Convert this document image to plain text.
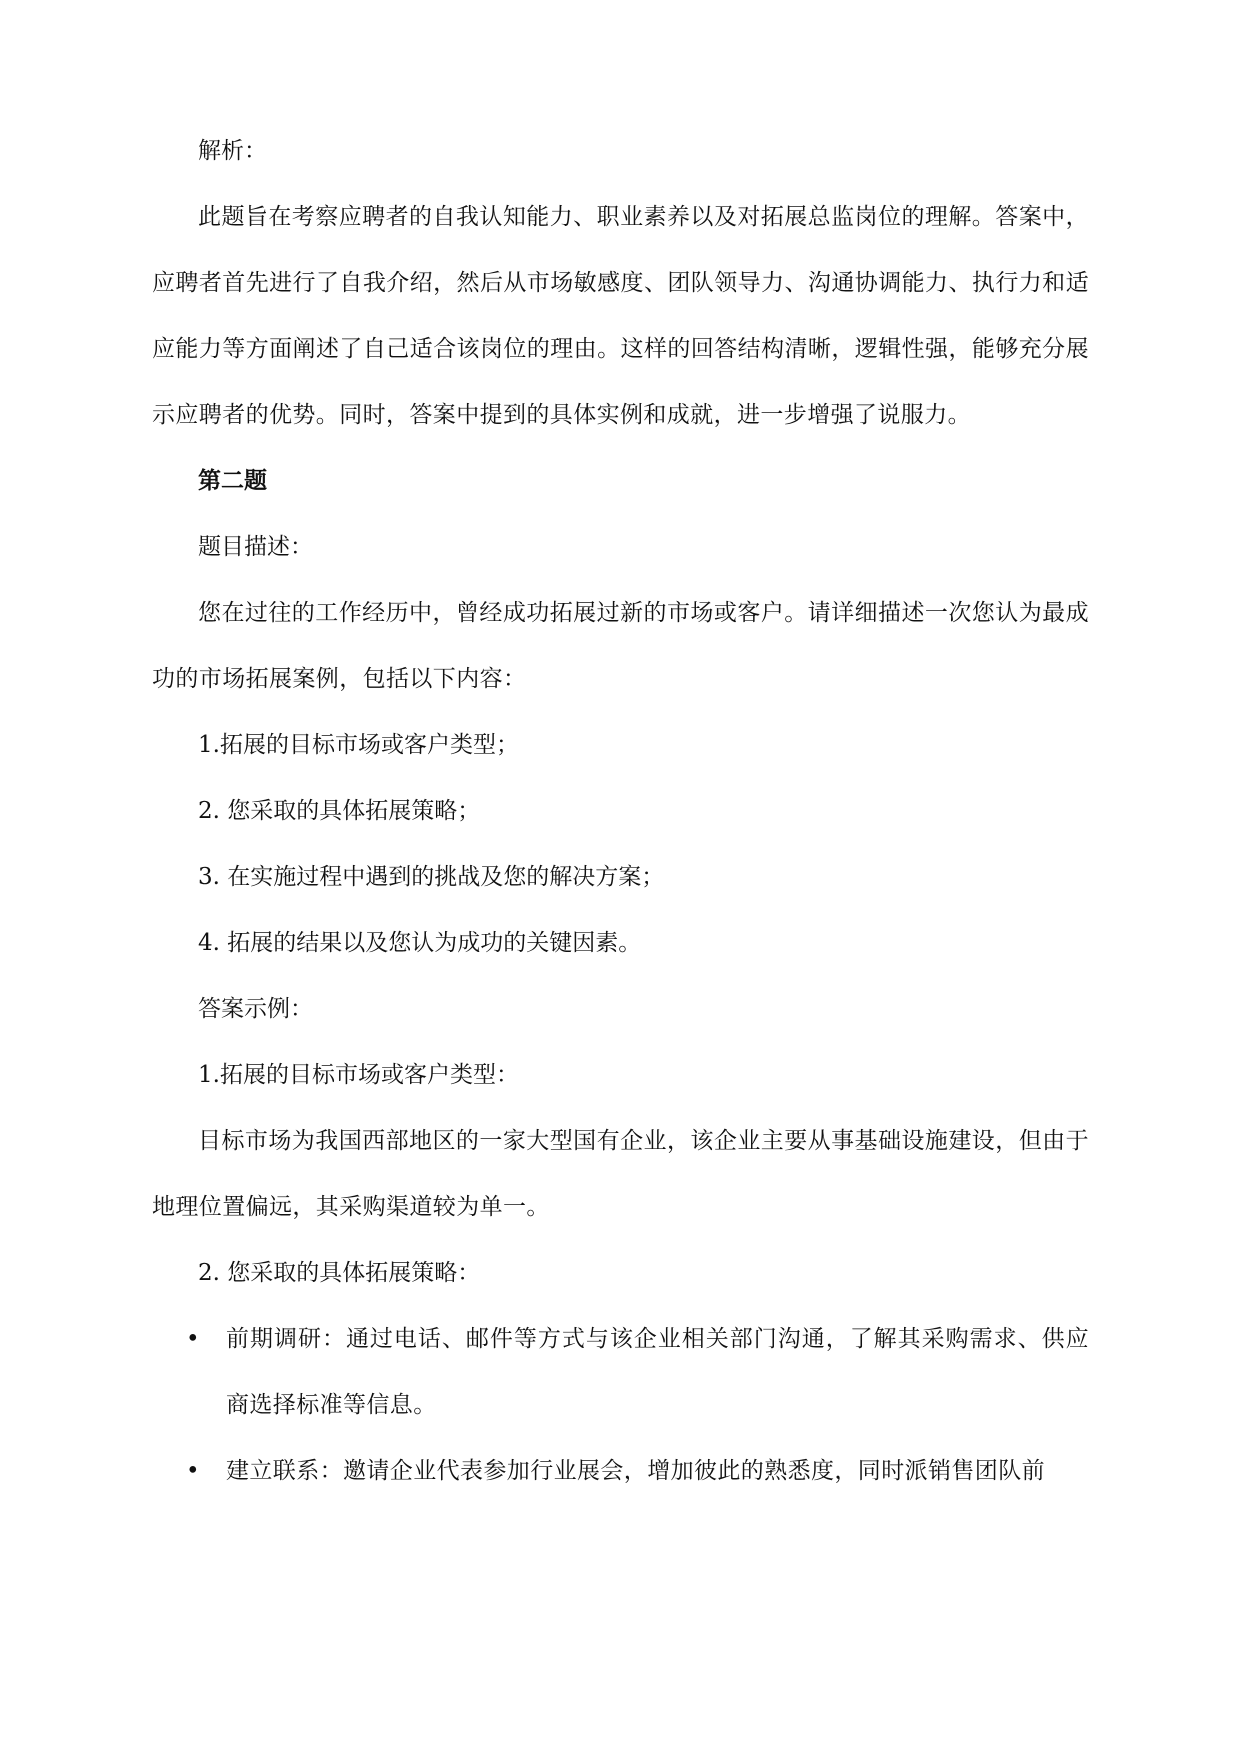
解析：

此题旨在考察应聘者的自我认知能力、职业素养以及对拓展总监岗位的理解。答案中，应聘者首先进行了自我介绍，然后从市场敏感度、团队领导力、沟通协调能力、执行力和适应能力等方面阐述了自己适合该岗位的理由。这样的回答结构清晰，逻辑性强，能够充分展示应聘者的优势。同时，答案中提到的具体实例和成就，进一步增强了说服力。

第二题

题目描述：

您在过往的工作经历中，曾经成功拓展过新的市场或客户。请详细描述一次您认为最成功的市场拓展案例，包括以下内容：

1.拓展的目标市场或客户类型；

2. 您采取的具体拓展策略；

3. 在实施过程中遇到的挑战及您的解决方案；

4. 拓展的结果以及您认为成功的关键因素。

答案示例：

1.拓展的目标市场或客户类型：

目标市场为我国西部地区的一家大型国有企业，该企业主要从事基础设施建设，但由于地理位置偏远，其采购渠道较为单一。

2. 您采取的具体拓展策略：

• 前期调研：通过电话、邮件等方式与该企业相关部门沟通，了解其采购需求、供应商选择标准等信息。

• 建立联系：邀请企业代表参加行业展会，增加彼此的熟悉度，同时派销售团队前
